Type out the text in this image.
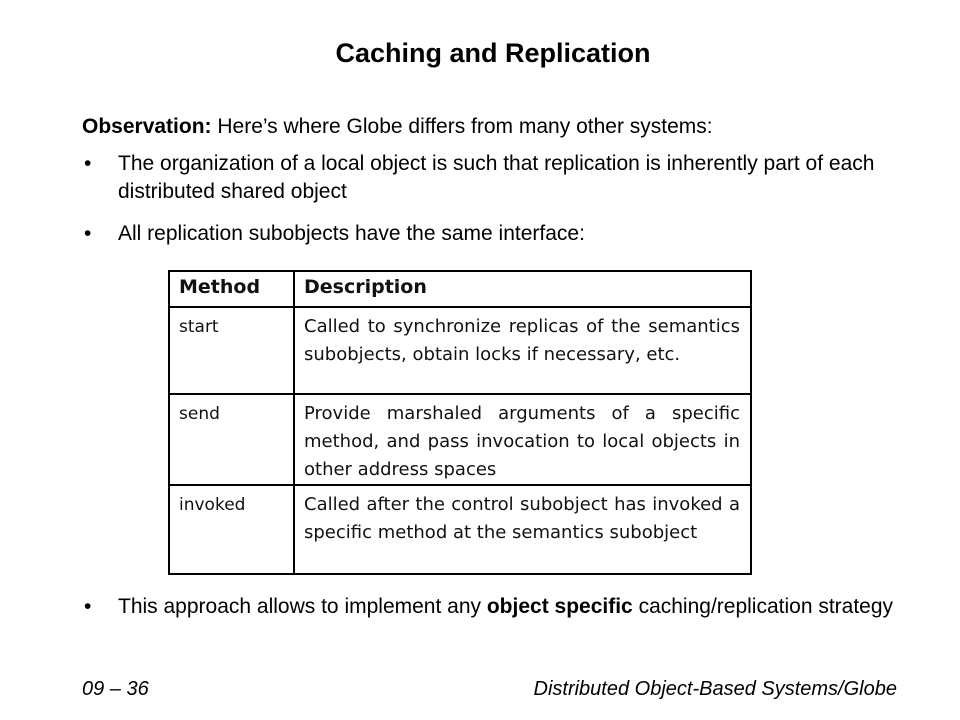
Caching and Replication
Observation: Here’s where Globe differs from many other systems:
• The organization of a local object is such that replication is inherently part of each distributed shared object
• All replication subobjects have the same interface:
Method	Description
start	Called to synchronize replicas of the semantics subobjects, obtain locks if necessary, etc.
send	Provide marshaled arguments of a specific method, and pass invocation to local objects in other address spaces
invoked	Called after the control subobject has invoked a specific method at the semantics subobject
• This approach allows to implement any object specific caching/replication strategy
09 – 36	Distributed Object-Based Systems/Globe
